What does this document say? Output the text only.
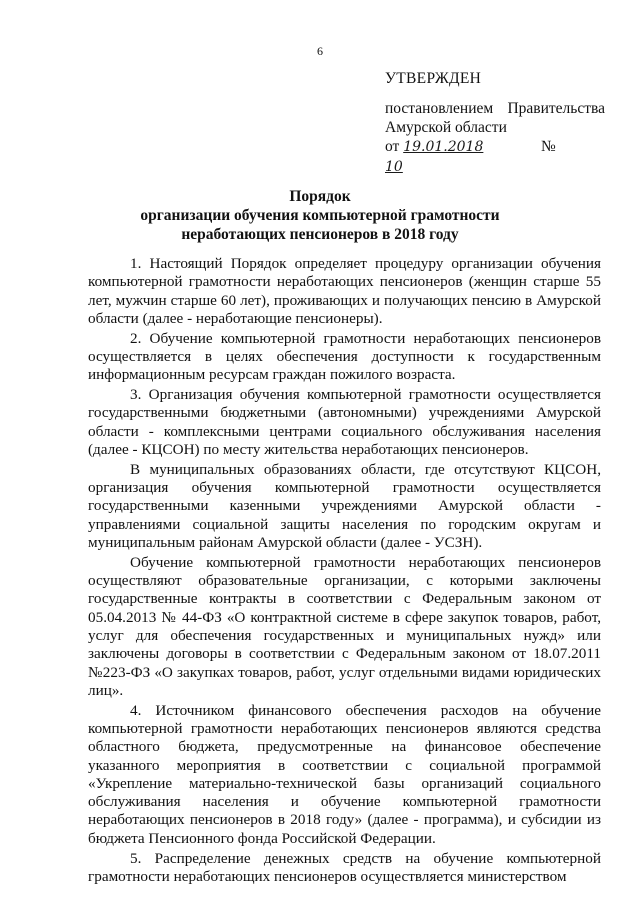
6
УТВЕРЖДЕН
постановлением Правительства
Амурской области
от 19.01.2018	№ 10
Порядок
организации обучения компьютерной грамотности
неработающих пенсионеров в 2018 году

1. Настоящий Порядок определяет процедуру организации обучения компьютерной грамотности неработающих пенсионеров (женщин старше 55 лет, мужчин старше 60 лет), проживающих и получающих пенсию в Амурской области (далее - неработающие пенсионеры).

2. Обучение компьютерной грамотности неработающих пенсионеров осуществляется в целях обеспечения доступности к государственным информационным ресурсам граждан пожилого возраста.

3. Организация обучения компьютерной грамотности осуществляется государственными бюджетными (автономными) учреждениями Амурской области - комплексными центрами социального обслуживания населения (далее - КЦСОН) по месту жительства неработающих пенсионеров.

В муниципальных образованиях области, где отсутствуют КЦСОН, организация обучения компьютерной грамотности осуществляется государственными казенными учреждениями Амурской области - управлениями социальной защиты населения по городским округам и муниципальным районам Амурской области (далее - УСЗН).

Обучение компьютерной грамотности неработающих пенсионеров осуществляют образовательные организации, с которыми заключены государственные контракты в соответствии с Федеральным законом от 05.04.2013 № 44-ФЗ «О контрактной системе в сфере закупок товаров, работ, услуг для обеспечения государственных и муниципальных нужд» или заключены договоры в соответствии с Федеральным законом от 18.07.2011 №223-ФЗ «О закупках товаров, работ, услуг отдельными видами юридических лиц».

4. Источником финансового обеспечения расходов на обучение компьютерной грамотности неработающих пенсионеров являются средства областного бюджета, предусмотренные на финансовое обеспечение указанного мероприятия в соответствии с социальной программой «Укрепление материально-технической базы организаций социального обслуживания населения и обучение компьютерной грамотности неработающих пенсионеров в 2018 году» (далее - программа), и субсидии из бюджета Пенсионного фонда Российской Федерации.

5. Распределение денежных средств на обучение компьютерной грамотности неработающих пенсионеров осуществляется министерством
